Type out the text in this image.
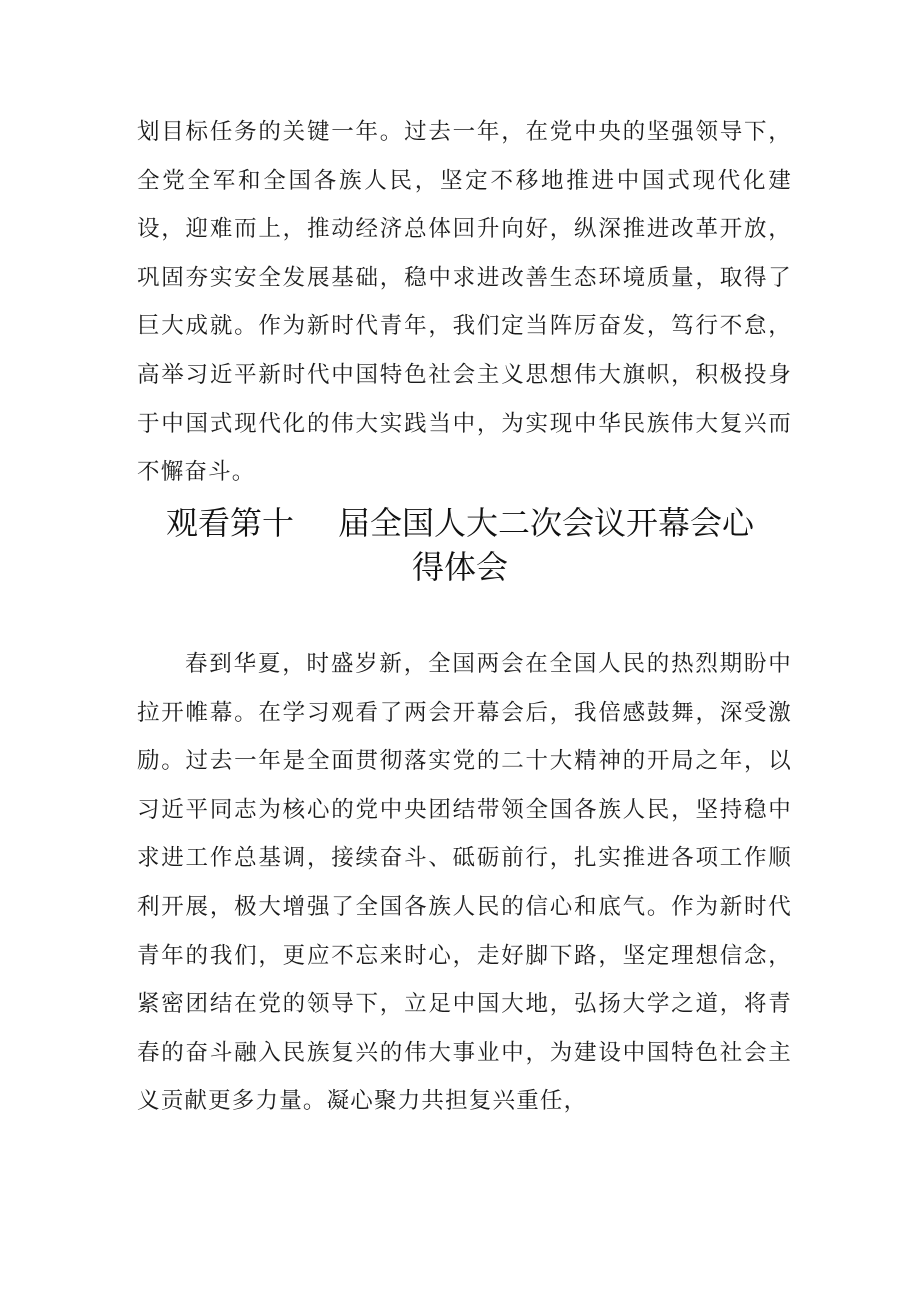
划目标任务的关键一年。过去一年，在党中央的坚强领导下，全党全军和全国各族人民，坚定不移地推进中国式现代化建设，迎难而上，推动经济总体回升向好，纵深推进改革开放，巩固夯实安全发展基础，稳中求进改善生态环境质量，取得了巨大成就。作为新时代青年，我们定当阵厉奋发，笃行不怠，高举习近平新时代中国特色社会主义思想伟大旗帜，积极投身于中国式现代化的伟大实践当中，为实现中华民族伟大复兴而不懈奋斗。

观看第十 届全国人大二次会议开幕会心
得体会

春到华夏，时盛岁新，全国两会在全国人民的热烈期盼中拉开帷幕。在学习观看了两会开幕会后，我倍感鼓舞，深受激励。过去一年是全面贯彻落实党的二十大精神的开局之年，以习近平同志为核心的党中央团结带领全国各族人民，坚持稳中求进工作总基调，接续奋斗、砥砺前行，扎实推进各项工作顺利开展，极大增强了全国各族人民的信心和底气。作为新时代青年的我们，更应不忘来时心，走好脚下路，坚定理想信念，紧密团结在党的领导下，立足中国大地，弘扬大学之道，将青春的奋斗融入民族复兴的伟大事业中，为建设中国特色社会主义贡献更多力量。凝心聚力共担复兴重任，
